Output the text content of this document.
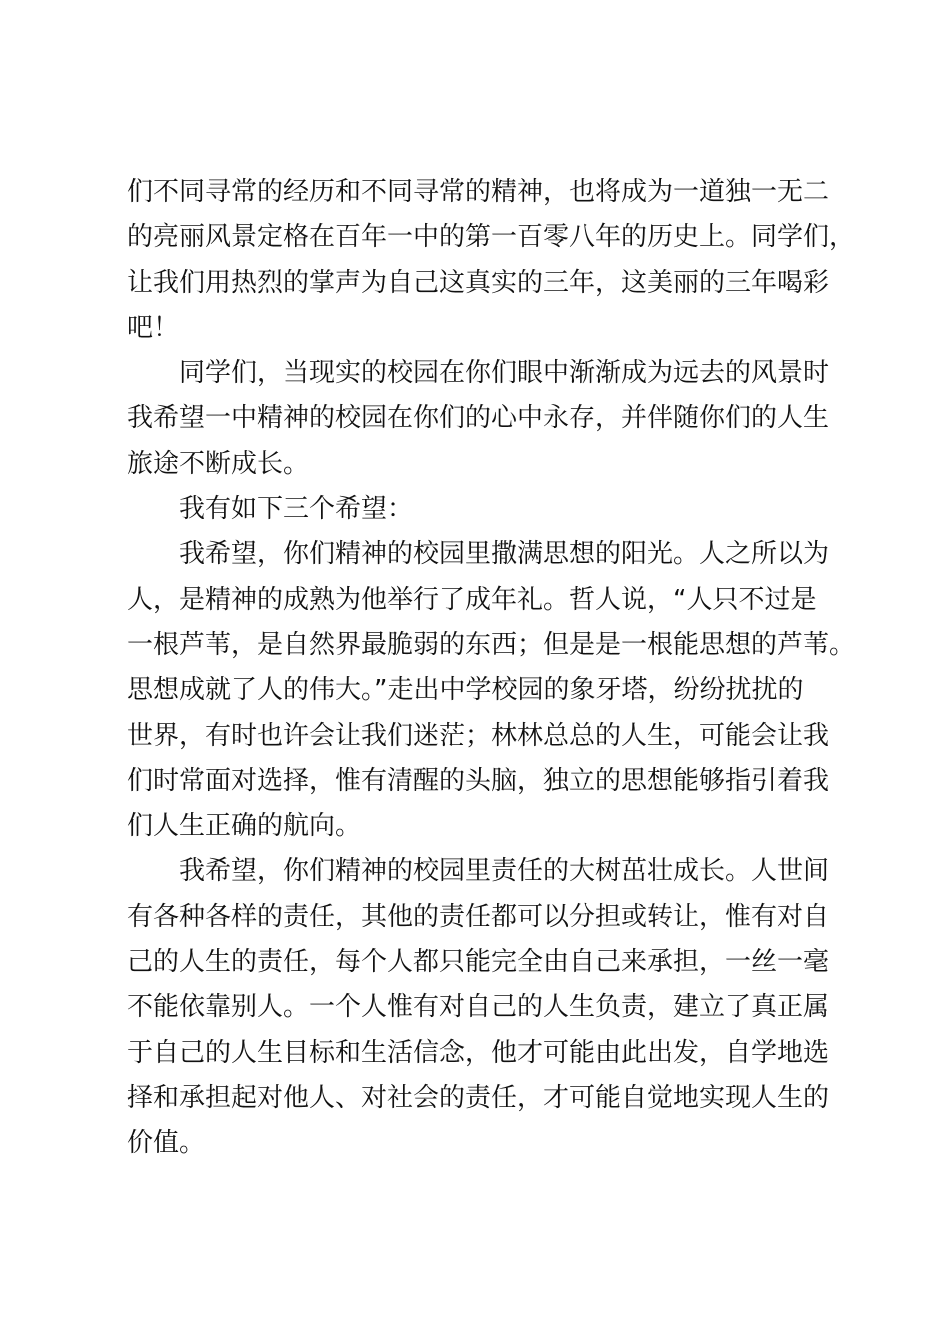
们不同寻常的经历和不同寻常的精神，也将成为一道独一无二
的亮丽风景定格在百年一中的第一百零八年的历史上。同学们，
让我们用热烈的掌声为自己这真实的三年，这美丽的三年喝彩
吧！
同学们，当现实的校园在你们眼中渐渐成为远去的风景时
我希望一中精神的校园在你们的心中永存，并伴随你们的人生
旅途不断成长。
我有如下三个希望：
我希望，你们精神的校园里撒满思想的阳光。人之所以为
人，是精神的成熟为他举行了成年礼。哲人说，“人只不过是
一根芦苇，是自然界最脆弱的东西；但是是一根能思想的芦苇。
思想成就了人的伟大。”走出中学校园的象牙塔，纷纷扰扰的
世界，有时也许会让我们迷茫；林林总总的人生，可能会让我
们时常面对选择，惟有清醒的头脑，独立的思想能够指引着我
们人生正确的航向。
我希望，你们精神的校园里责任的大树茁壮成长。人世间
有各种各样的责任，其他的责任都可以分担或转让，惟有对自
己的人生的责任，每个人都只能完全由自己来承担，一丝一毫
不能依靠别人。一个人惟有对自己的人生负责，建立了真正属
于自己的人生目标和生活信念，他才可能由此出发，自学地选
择和承担起对他人、对社会的责任，才可能自觉地实现人生的
价值。
